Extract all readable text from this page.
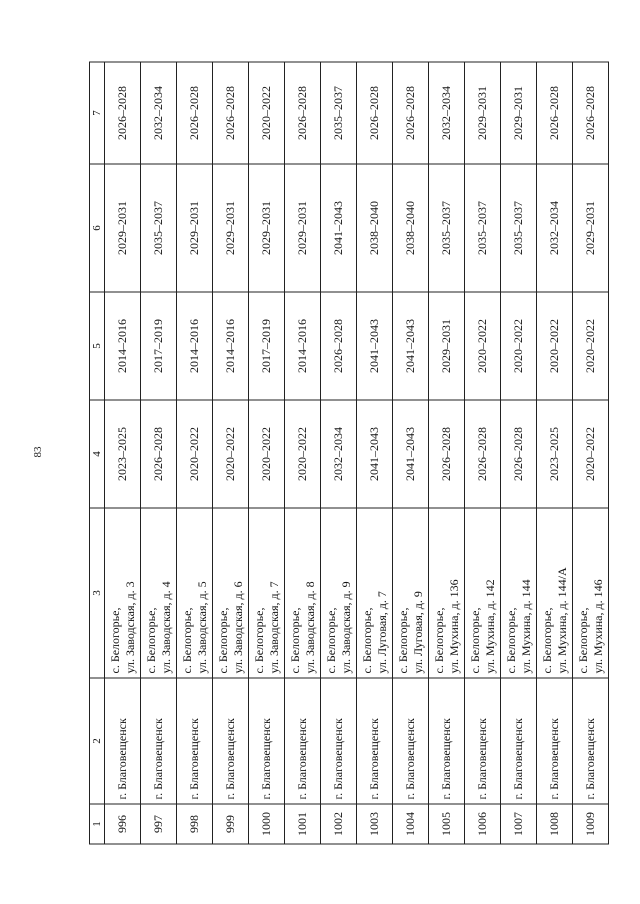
83
1	2	3	4	5	6	7
996	г. Благовещенск	с. Белогорье,
ул. Заводская, д. 3	2023–2025	2014–2016	2029–2031	2026–2028
997	г. Благовещенск	с. Белогорье,
ул. Заводская, д. 4	2026–2028	2017–2019	2035–2037	2032–2034
998	г. Благовещенск	с. Белогорье,
ул. Заводская, д. 5	2020–2022	2014–2016	2029–2031	2026–2028
999	г. Благовещенск	с. Белогорье,
ул. Заводская, д. 6	2020–2022	2014–2016	2029–2031	2026–2028
1000	г. Благовещенск	с. Белогорье,
ул. Заводская, д. 7	2020–2022	2017–2019	2029–2031	2020–2022
1001	г. Благовещенск	с. Белогорье,
ул. Заводская, д. 8	2020–2022	2014–2016	2029–2031	2026–2028
1002	г. Благовещенск	с. Белогорье,
ул. Заводская, д. 9	2032–2034	2026–2028	2041–2043	2035–2037
1003	г. Благовещенск	с. Белогорье,
ул. Луговая, д. 7	2041–2043	2041–2043	2038–2040	2026–2028
1004	г. Благовещенск	с. Белогорье,
ул. Луговая, д. 9	2041–2043	2041–2043	2038–2040	2026–2028
1005	г. Благовещенск	с. Белогорье,
ул. Мухина, д. 136	2026–2028	2029–2031	2035–2037	2032–2034
1006	г. Благовещенск	с. Белогорье,
ул. Мухина, д. 142	2026–2028	2020–2022	2035–2037	2029–2031
1007	г. Благовещенск	с. Белогорье,
ул. Мухина, д. 144	2026–2028	2020–2022	2035–2037	2029–2031
1008	г. Благовещенск	с. Белогорье,
ул. Мухина, д. 144/А	2023–2025	2020–2022	2032–2034	2026–2028
1009	г. Благовещенск	с. Белогорье,
ул. Мухина, д. 146	2020–2022	2020–2022	2029–2031	2026–2028
